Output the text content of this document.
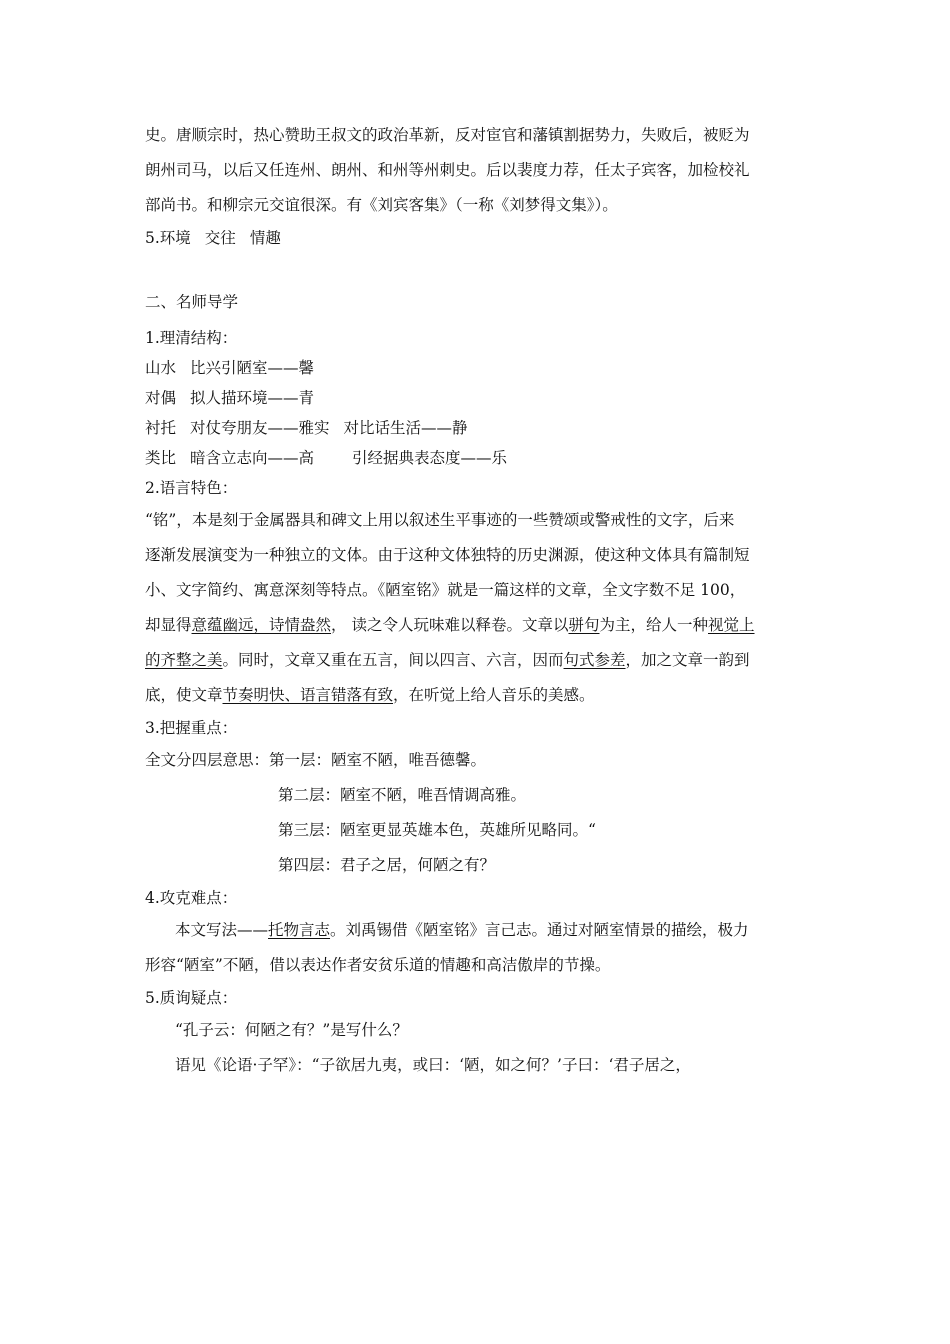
史。唐顺宗时，热心赞助王叔文的政治革新，反对宦官和藩镇割据势力，失败后，被贬为

朗州司马，以后又任连州、朗州、和州等州刺史。后以裴度力荐，任太子宾客，加检校礼

部尚书。和柳宗元交谊很深。有《刘宾客集》（一称《刘梦得文集》）。

5.环境 交往 情趣

二、名师导学

1.理清结构：

山水 比兴引陋室——馨

对偶 拟人描环境——青

衬托 对仗夸朋友——雅实 对比话生活——静

类比 暗含立志向——高 引经据典表态度——乐

2.语言特色：

“铭”，本是刻于金属器具和碑文上用以叙述生平事迹的一些赞颂或警戒性的文字，后来

逐渐发展演变为一种独立的文体。由于这种文体独特的历史渊源，使这种文体具有篇制短

小、文字简约、寓意深刻等特点。《陋室铭》就是一篇这样的文章，全文字数不足 100，

却显得意蕴幽远，诗情盎然， 读之令人玩味难以释卷。文章以骈句为主，给人一种视觉上

的齐整之美。同时，文章又重在五言，间以四言、六言，因而句式参差，加之文章一韵到

底，使文章节奏明快、语言错落有致，在听觉上给人音乐的美感。

3.把握重点：

全文分四层意思：第一层：陋室不陋，唯吾德馨。

第二层：陋室不陋，唯吾情调高雅。

第三层：陋室更显英雄本色，英雄所见略同。“

第四层：君子之居，何陋之有？

4.攻克难点：

本文写法——托物言志。刘禹锡借《陋室铭》言己志。通过对陋室情景的描绘，极力

形容“陋室”不陋，借以表达作者安贫乐道的情趣和高洁傲岸的节操。

5.质询疑点：

“孔子云：何陋之有？”是写什么？

语见《论语·子罕》：“子欲居九夷，或曰：‘陋，如之何？’子曰：‘君子居之，
